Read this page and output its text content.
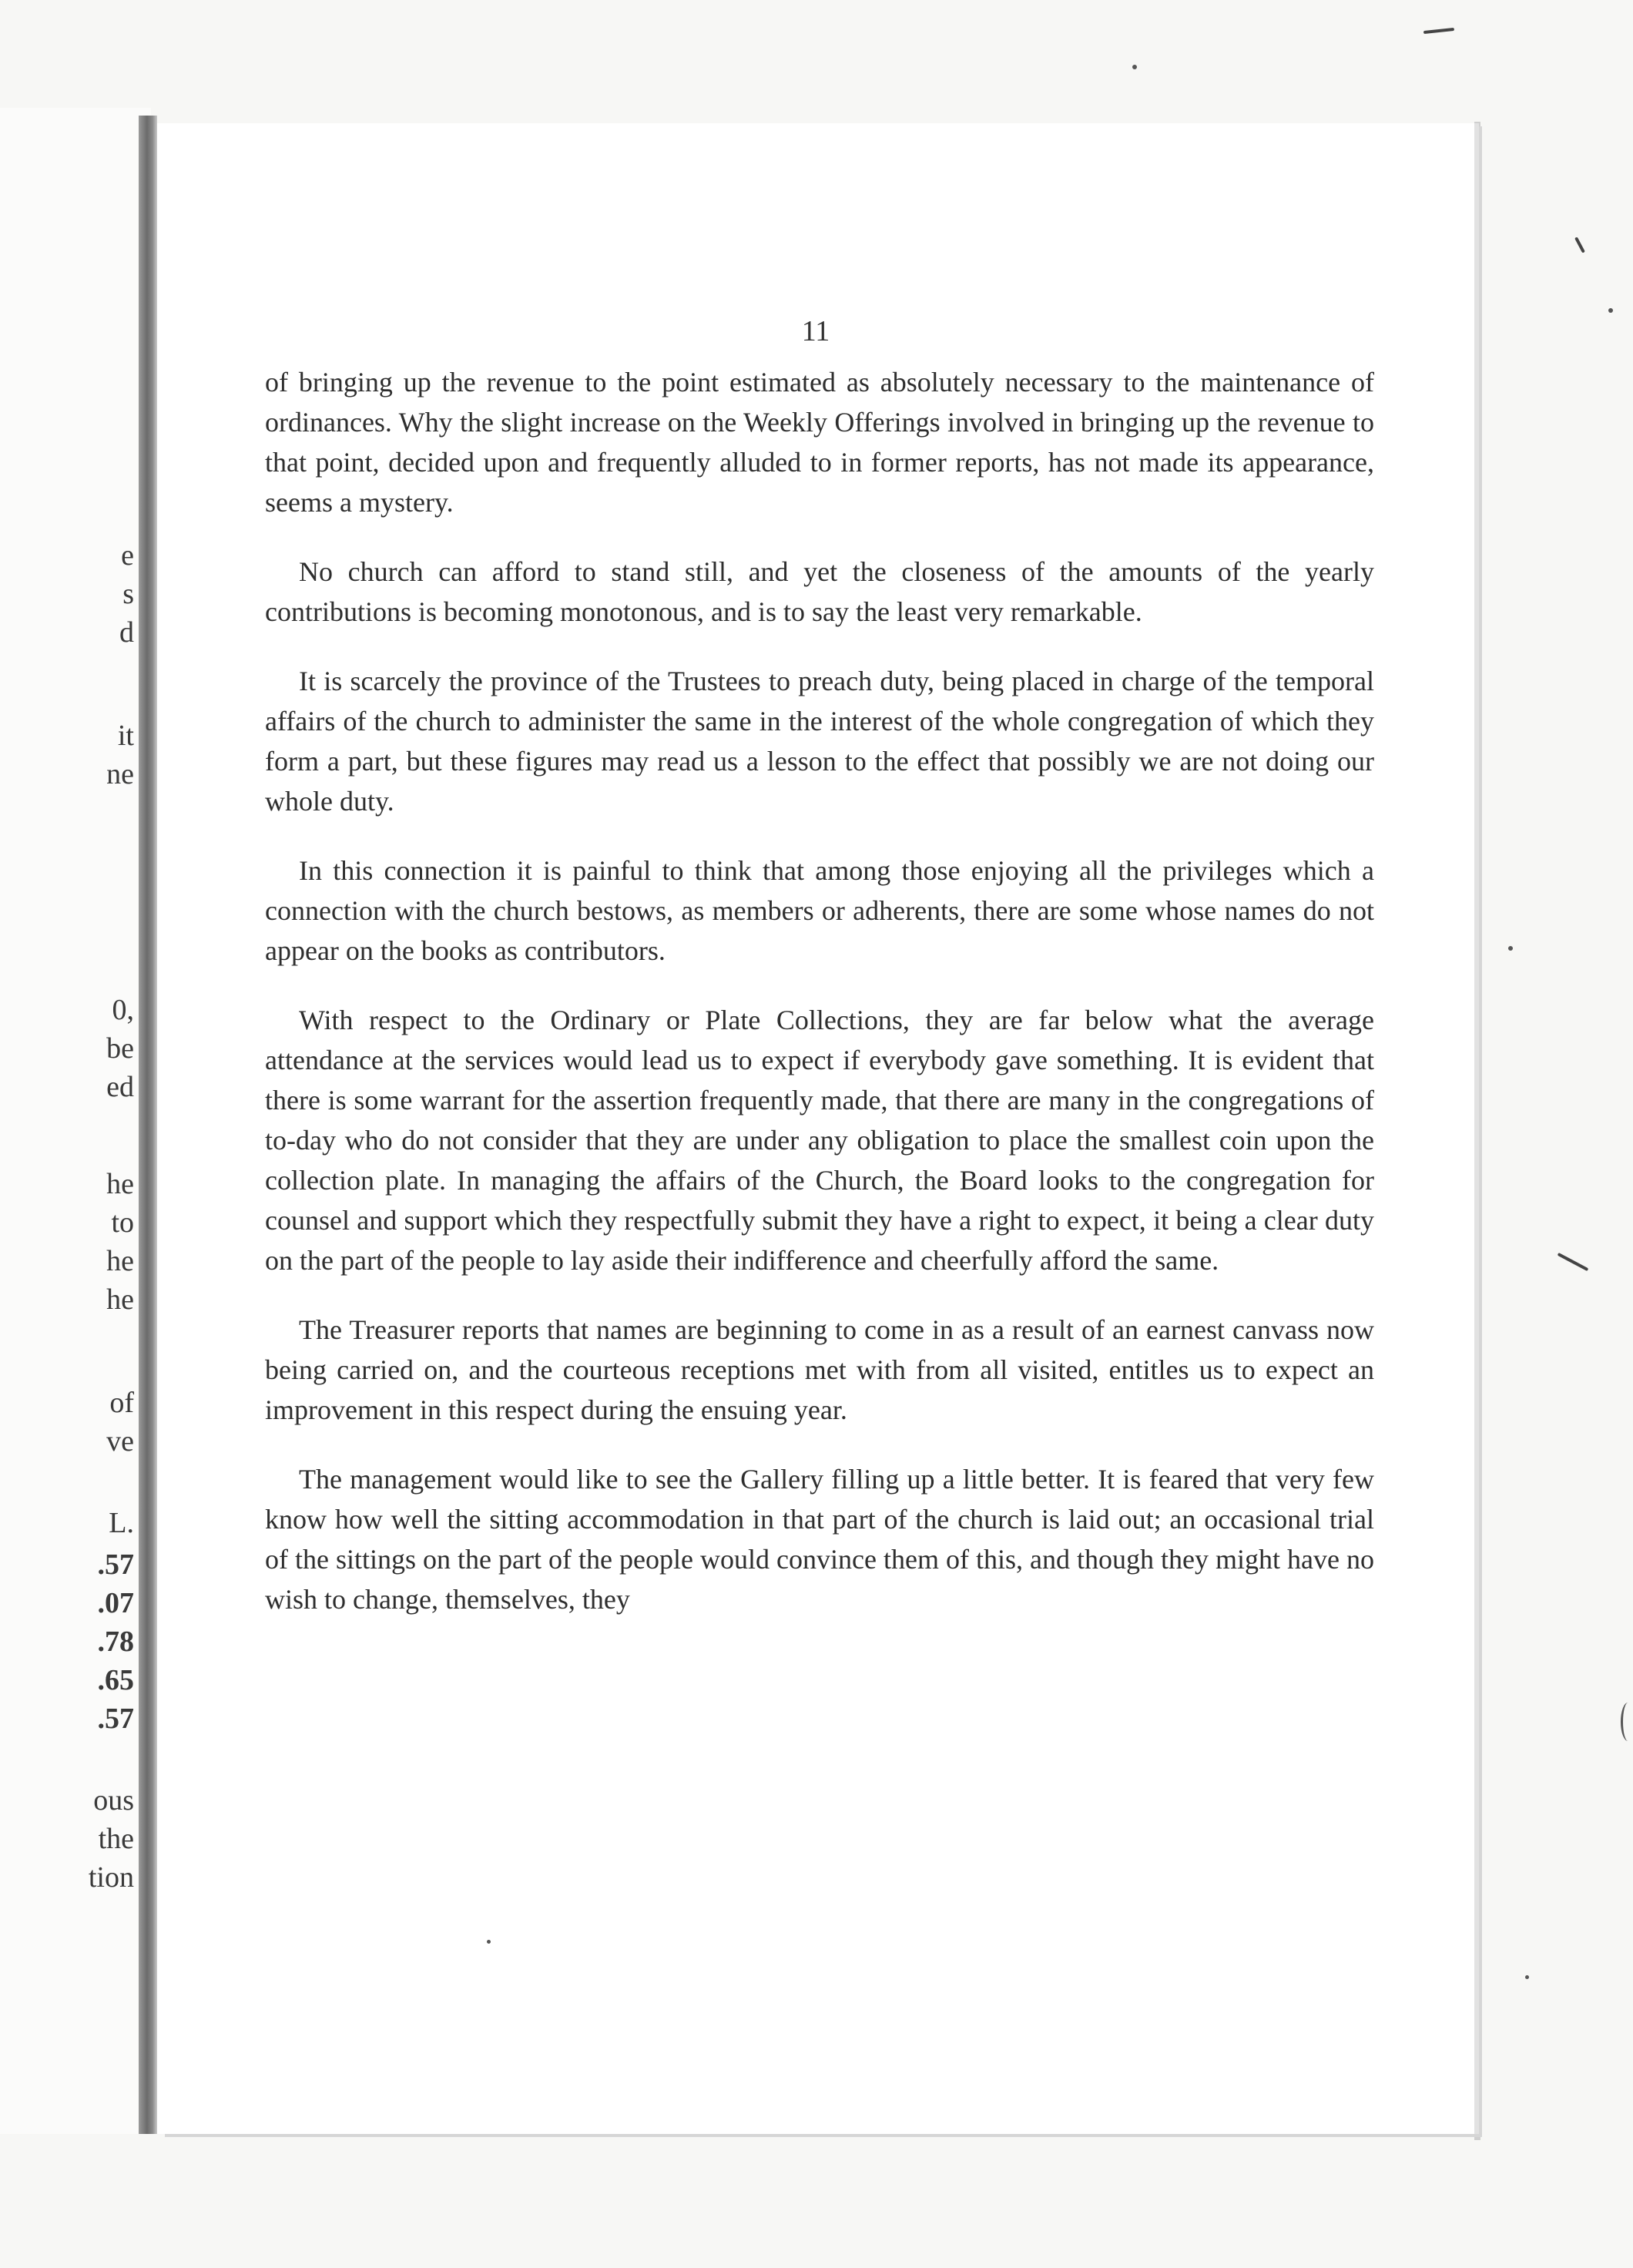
e
s
d
it
ne
0,
be
ed
he
to
he
he
of
ve
L.
.57
.07
.78
.65
.57
ous
the
tion
11

of bringing up the revenue to the point estimated as absolutely necessary to the maintenance of ordinances. Why the slight increase on the Weekly Offerings involved in bringing up the revenue to that point, decided upon and frequently alluded to in former reports, has not made its appearance, seems a mystery.

No church can afford to stand still, and yet the closeness of the amounts of the yearly contributions is becoming monotonous, and is to say the least very remarkable.

It is scarcely the province of the Trustees to preach duty, being placed in charge of the temporal affairs of the church to administer the same in the interest of the whole congregation of which they form a part, but these figures may read us a lesson to the effect that possibly we are not doing our whole duty.

In this connection it is painful to think that among those enjoying all the privileges which a connection with the church bestows, as members or adherents, there are some whose names do not appear on the books as contributors.

With respect to the Ordinary or Plate Collections, they are far below what the average attendance at the services would lead us to expect if everybody gave something. It is evident that there is some warrant for the assertion frequently made, that there are many in the congregations of to-day who do not consider that they are under any obligation to place the smallest coin upon the collection plate. In managing the affairs of the Church, the Board looks to the congregation for counsel and support which they respectfully submit they have a right to expect, it being a clear duty on the part of the people to lay aside their indifference and cheerfully afford the same.

The Treasurer reports that names are beginning to come in as a result of an earnest canvass now being carried on, and the courteous receptions met with from all visited, entitles us to expect an improvement in this respect during the ensuing year.

The management would like to see the Gallery filling up a little better. It is feared that very few know how well the sitting accommodation in that part of the church is laid out; an occasional trial of the sittings on the part of the people would convince them of this, and though they might have no wish to change, themselves, they
